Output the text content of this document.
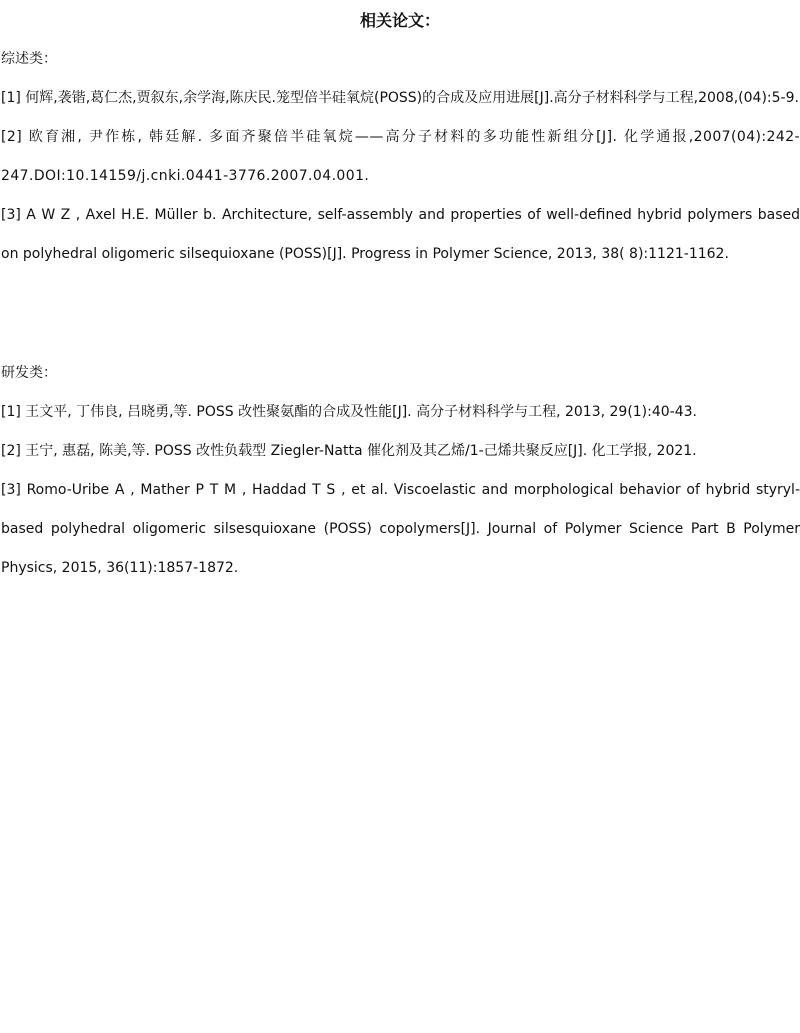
相关论文：

综述类：

[1] 何辉,袭锴,葛仁杰,贾叙东,余学海,陈庆民.笼型倍半硅氧烷(POSS)的合成及应用进展[J].高分子材料科学与工程,2008,(04):5-9.

[2] 欧育湘, 尹作栋, 韩廷解. 多面齐聚倍半硅氧烷——高分子材料的多功能性新组分[J]. 化学通报,2007(04):242-247.DOI:10.14159/j.cnki.0441-3776.2007.04.001.

[3] A W Z , Axel H.E. Müller b. Architecture, self-assembly and properties of well-defined hybrid polymers based on polyhedral oligomeric silsequioxane (POSS)[J]. Progress in Polymer Science, 2013, 38( 8):1121-1162.

研发类：

[1] 王文平, 丁伟良, 吕晓勇,等. POSS 改性聚氨酯的合成及性能[J]. 高分子材料科学与工程, 2013, 29(1):40-43.

[2] 王宁, 惠磊, 陈美,等. POSS 改性负载型 Ziegler-Natta 催化剂及其乙烯/1-己烯共聚反应[J]. 化工学报, 2021.

[3] Romo-Uribe A , Mather P T M , Haddad T S , et al. Viscoelastic and morphological behavior of hybrid styryl-based polyhedral oligomeric silsesquioxane (POSS) copolymers[J]. Journal of Polymer Science Part B Polymer Physics, 2015, 36(11):1857-1872.
